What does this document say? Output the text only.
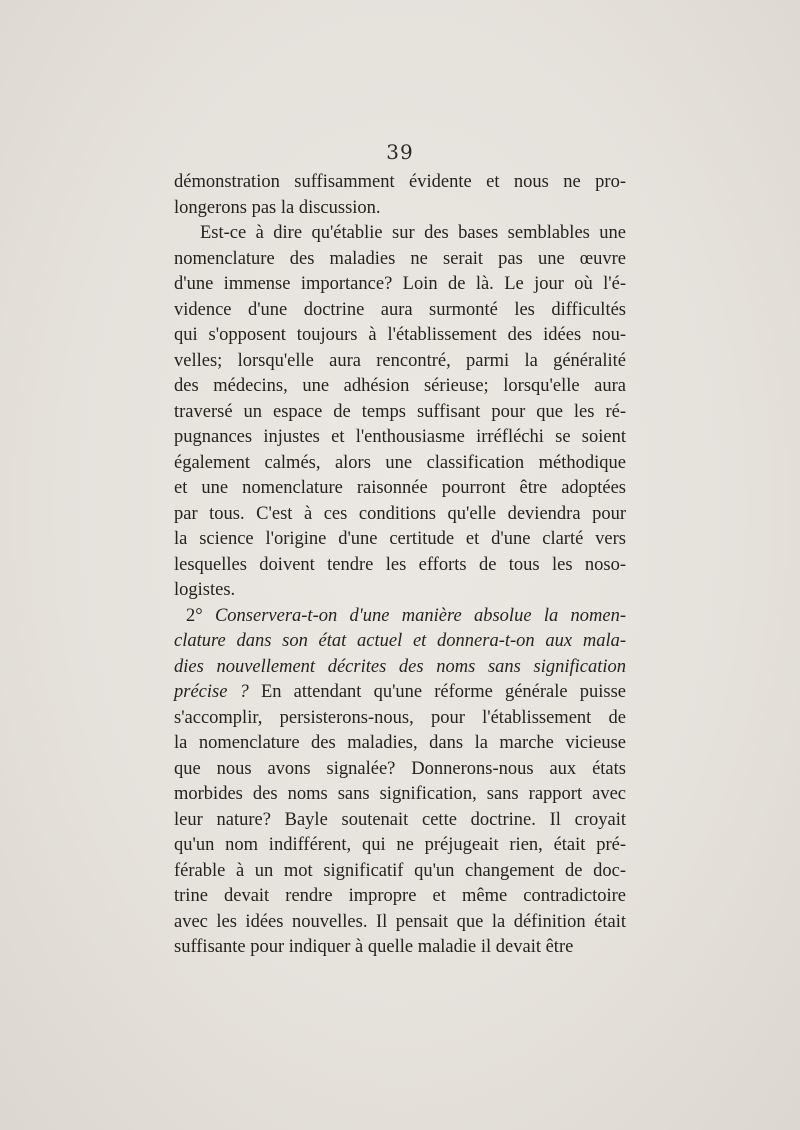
39
démonstration suffisamment évidente et nous ne pro-
longerons pas la discussion.
Est-ce à dire qu'établie sur des bases semblables une
nomenclature des maladies ne serait pas une œuvre
d'une immense importance? Loin de là. Le jour où l'é-
vidence d'une doctrine aura surmonté les difficultés
qui s'opposent toujours à l'établissement des idées nou-
velles; lorsqu'elle aura rencontré, parmi la généralité
des médecins, une adhésion sérieuse; lorsqu'elle aura
traversé un espace de temps suffisant pour que les ré-
pugnances injustes et l'enthousiasme irréfléchi se soient
également calmés, alors une classification méthodique
et une nomenclature raisonnée pourront être adoptées
par tous. C'est à ces conditions qu'elle deviendra pour
la science l'origine d'une certitude et d'une clarté vers
lesquelles doivent tendre les efforts de tous les noso-
logistes.
2° Conservera-t-on d'une manière absolue la nomen-
clature dans son état actuel et donnera-t-on aux mala-
dies nouvellement décrites des noms sans signification
précise ? En attendant qu'une réforme générale puisse
s'accomplir, persisterons-nous, pour l'établissement de
la nomenclature des maladies, dans la marche vicieuse
que nous avons signalée? Donnerons-nous aux états
morbides des noms sans signification, sans rapport avec
leur nature? Bayle soutenait cette doctrine. Il croyait
qu'un nom indifférent, qui ne préjugeait rien, était pré-
férable à un mot significatif qu'un changement de doc-
trine devait rendre impropre et même contradictoire
avec les idées nouvelles. Il pensait que la définition était
suffisante pour indiquer à quelle maladie il devait être
